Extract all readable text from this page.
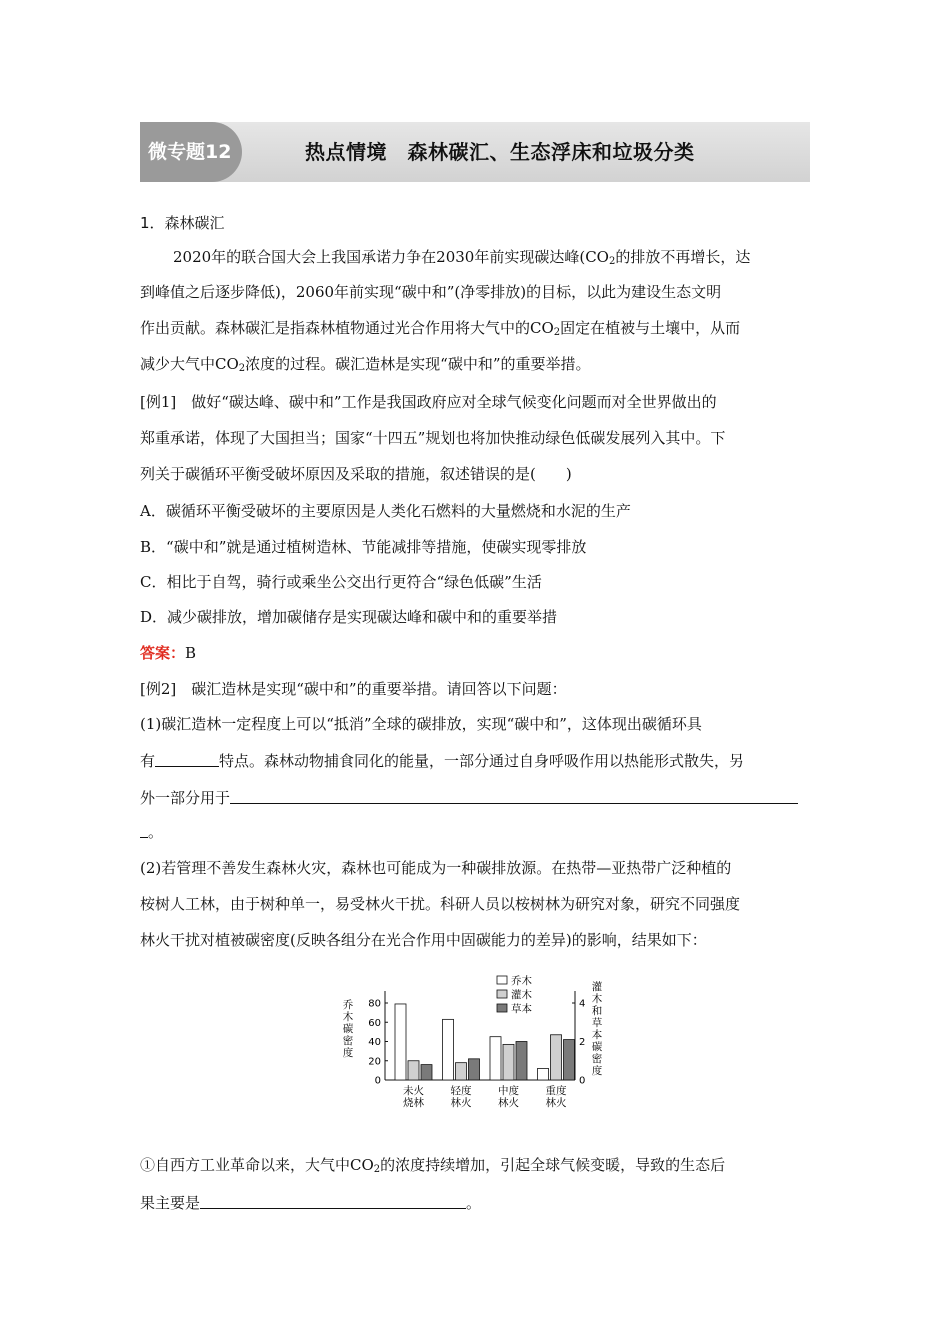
微专题12	热点情境　森林碳汇、生态浮床和垃圾分类
1．森林碳汇
2020年的联合国大会上我国承诺力争在2030年前实现碳达峰($CO_2$的排放不再增长，达
到峰值之后逐步降低)，2060年前实现“碳中和”(净零排放)的目标，以此为建设生态文明
作出贡献。森林碳汇是指森林植物通过光合作用将大气中的$CO_2$固定在植被与土壤中，从而
减少大气中$CO_2$浓度的过程。碳汇造林是实现“碳中和”的重要举措。
[例1]　做好“碳达峰、碳中和”工作是我国政府应对全球气候变化问题而对全世界做出的
郑重承诺，体现了大国担当；国家“十四五”规划也将加快推动绿色低碳发展列入其中。下
列关于碳循环平衡受破坏原因及采取的措施，叙述错误的是(　　)
A．碳循环平衡受破坏的主要原因是人类化石燃料的大量燃烧和水泥的生产
B．“碳中和”就是通过植树造林、节能减排等措施，使碳实现零排放
C．相比于自驾，骑行或乘坐公交出行更符合“绿色低碳”生活
D．减少碳排放，增加碳储存是实现碳达峰和碳中和的重要举措
答案：B
[例2]　碳汇造林是实现“碳中和”的重要举措。请回答以下问题：
(1)碳汇造林一定程度上可以“抵消”全球的碳排放，实现“碳中和”，这体现出碳循环具
有	特点。森林动物捕食同化的能量，一部分通过自身呼吸作用以热能形式散失，另
外一部分用于
。
(2)若管理不善发生森林火灾，森林也可能成为一种碳排放源。在热带—亚热带广泛种植的
桉树人工林，由于树种单一，易受林火干扰。科研人员以桉树林为研究对象，研究不同强度
林火干扰对植被碳密度(反映各组分在光合作用中固碳能力的差异)的影响，结果如下：
乔
木
碳
密
度
灌
木
和
草
本
碳
密
度
0
20
40
60
80
0
2
4
未火
烧林
轻度
林火
中度
林火
重度
林火
乔木
灌木
草本
①自西方工业革命以来，大气中$CO_2$的浓度持续增加，引起全球气候变暖，导致的生态后
果主要是	。
